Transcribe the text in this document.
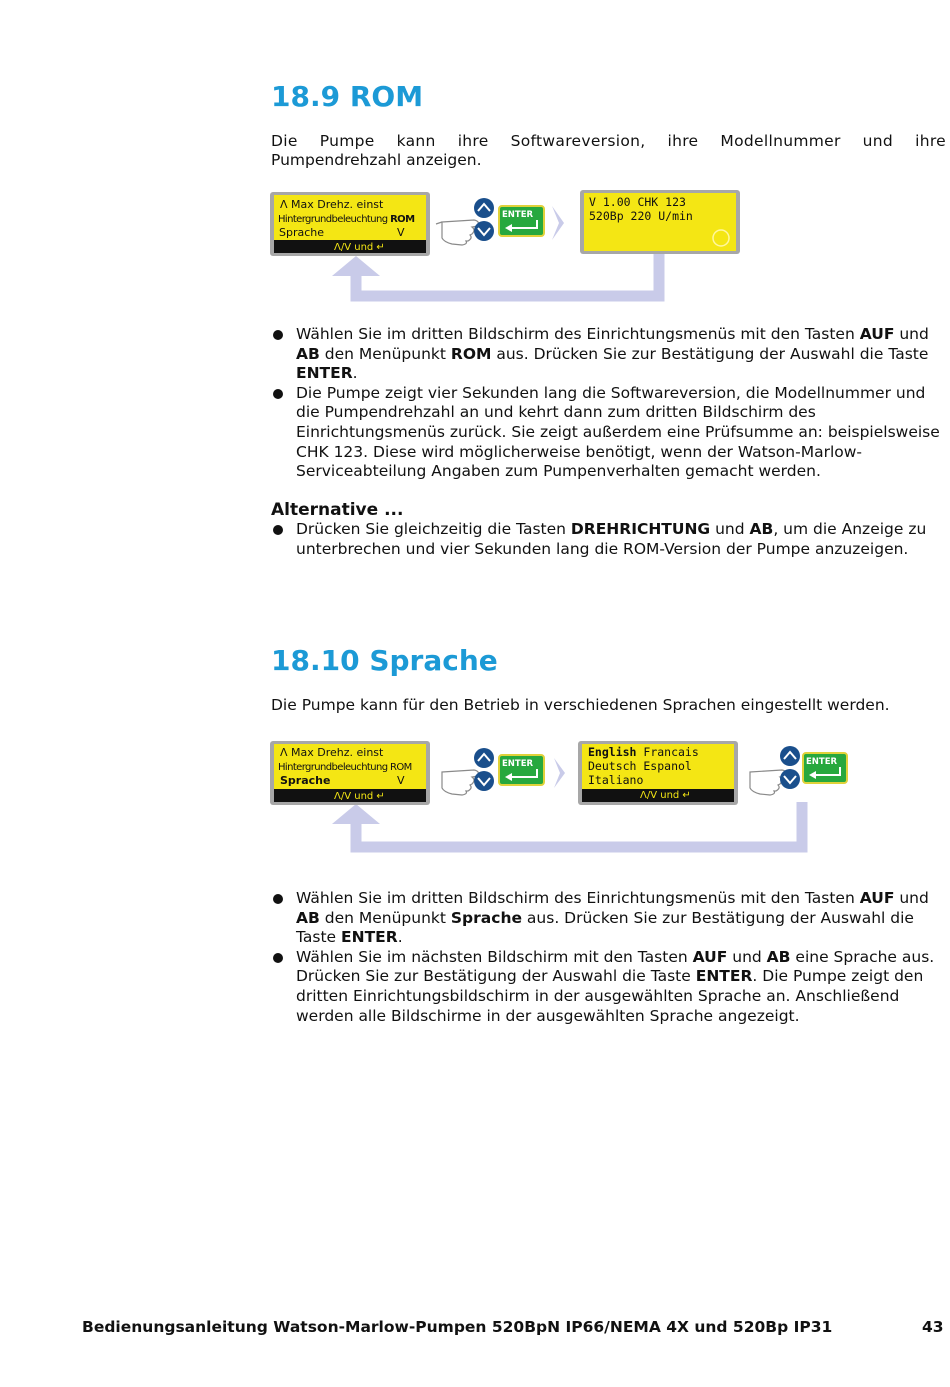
18.9 ROM

Die Pumpe kann ihre Softwareversion, ihre Modellnummer und ihre

Pumpendrehzahl anzeigen.

Λ Max Drehz. einst
Hintergrundbeleuchtung ROM
Sprache	V
Λ/V und ↵
ENTER
V 1.00 CHK 123
520Bp 220 U/min
Wählen Sie im dritten Bildschirm des Einrichtungsmenüs mit den Tasten AUF und AB den Menüpunkt ROM aus. Drücken Sie zur Bestätigung der Auswahl die Taste ENTER.
Die Pumpe zeigt vier Sekunden lang die Softwareversion, die Modellnummer und die Pumpendrehzahl an und kehrt dann zum dritten Bildschirm des Einrichtungsmenüs zurück. Sie zeigt außerdem eine Prüfsumme an: beispielsweise CHK 123. Diese wird möglicherweise benötigt, wenn der Watson-Marlow-Serviceabteilung Angaben zum Pumpenverhalten gemacht werden.
Alternative ...
Drücken Sie gleichzeitig die Tasten DREHRICHTUNG und AB, um die Anzeige zu unterbrechen und vier Sekunden lang die ROM-Version der Pumpe anzuzeigen.
18.10 Sprache

Die Pumpe kann für den Betrieb in verschiedenen Sprachen eingestellt werden.

Λ Max Drehz. einst
Hintergrundbeleuchtung ROM
Sprache	V
Λ/V und ↵
ENTER
English Francais
Deutsch Espanol
Italiano
Λ/V und ↵
ENTER
Wählen Sie im dritten Bildschirm des Einrichtungsmenüs mit den Tasten AUF und AB den Menüpunkt Sprache aus. Drücken Sie zur Bestätigung der Auswahl die Taste ENTER.
Wählen Sie im nächsten Bildschirm mit den Tasten AUF und AB eine Sprache aus. Drücken Sie zur Bestätigung der Auswahl die Taste ENTER. Die Pumpe zeigt den dritten Einrichtungsbildschirm in der ausgewählten Sprache an. Anschließend werden alle Bildschirme in der ausgewählten Sprache angezeigt.

Bedienungsanleitung Watson-Marlow-Pumpen 520BpN IP66/NEMA 4X und 520Bp IP31	43
